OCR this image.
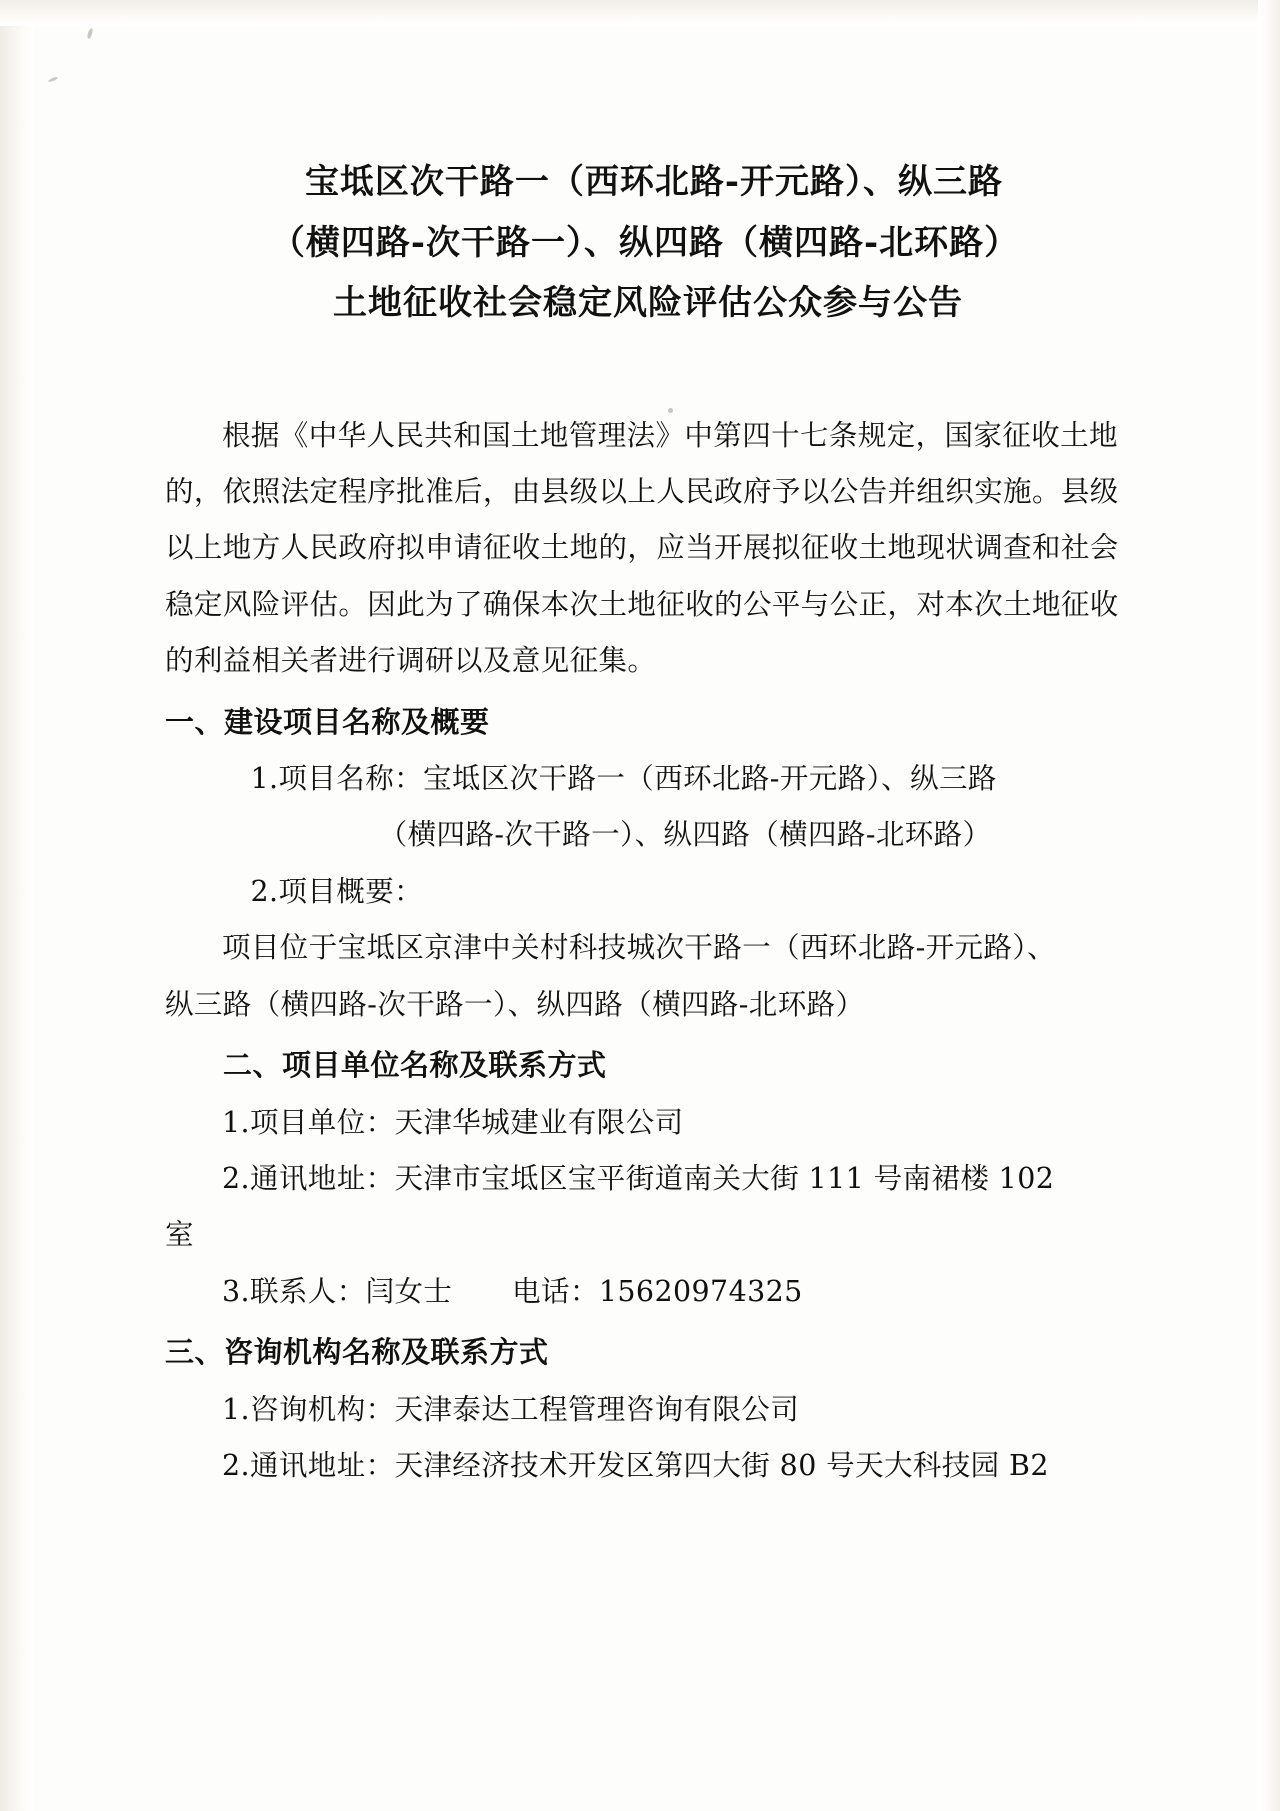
宝坻区次干路一（西环北路-开元路）、纵三路
（横四路-次干路一）、纵四路（横四路-北环路）
土地征收社会稳定风险评估公众参与公告

根据《中华人民共和国土地管理法》中第四十七条规定，国家征收土地的，依照法定程序批准后，由县级以上人民政府予以公告并组织实施。县级以上地方人民政府拟申请征收土地的，应当开展拟征收土地现状调查和社会稳定风险评估。因此为了确保本次土地征收的公平与公正，对本次土地征收的利益相关者进行调研以及意见征集。

一、建设项目名称及概要

1.项目名称：宝坻区次干路一（西环北路-开元路）、纵三路

（横四路-次干路一）、纵四路（横四路-北环路）

2.项目概要：

项目位于宝坻区京津中关村科技城次干路一（西环北路-开元路）、

纵三路（横四路-次干路一）、纵四路（横四路-北环路）

二、项目单位名称及联系方式

1.项目单位：天津华城建业有限公司

2.通讯地址：天津市宝坻区宝平街道南关大街 111 号南裙楼 102

室

3.联系人：闫女士 电话：15620974325

三、咨询机构名称及联系方式

1.咨询机构：天津泰达工程管理咨询有限公司

2.通讯地址：天津经济技术开发区第四大街 80 号天大科技园 B2
